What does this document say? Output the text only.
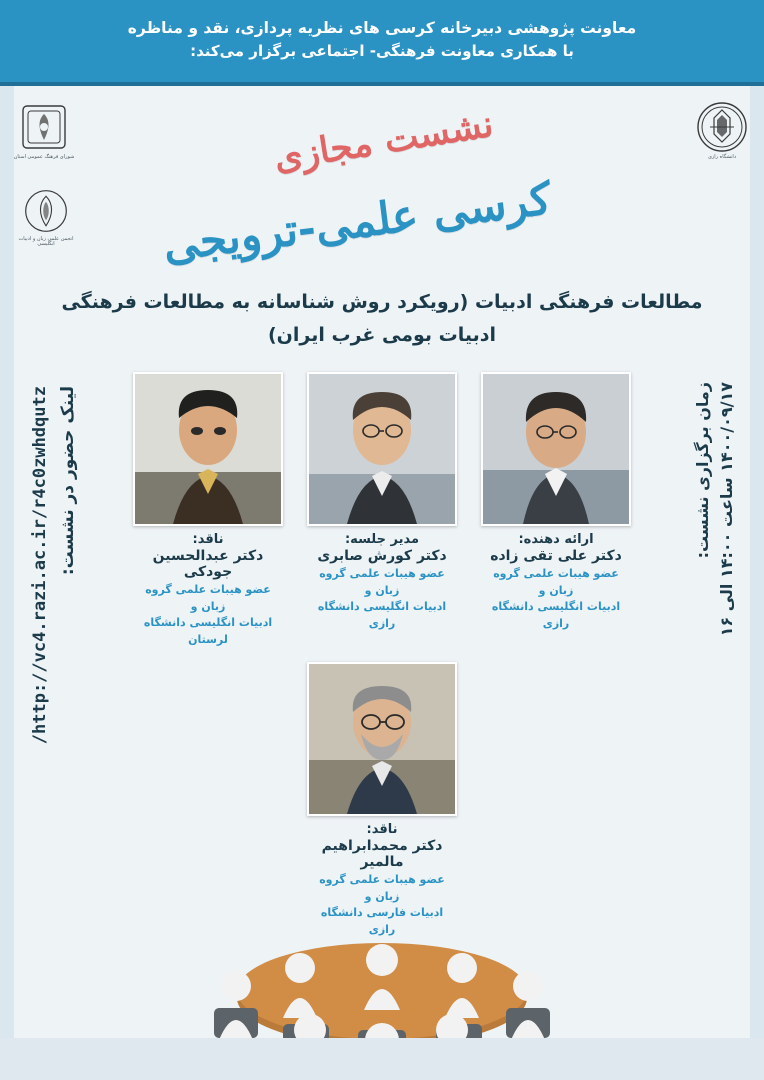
معاونت پژوهشی دبیرخانه کرسی های نظریه پردازی، نقد و مناظره
با همکاری معاونت فرهنگی- اجتماعی برگزار می‌کند:
دانشگاه رازی
شورای فرهنگ عمومی استان
انجمن علمی زبان و ادبیات انگلیسی
نشست مجازی
کرسی علمی-ترویجی
مطالعات فرهنگی ادبیات (رویکرد روش شناسانه به مطالعات فرهنگی
ادبیات بومی غرب ایران)
لینک حضور در نشست:
http://vc4.razi.ac.ir/r4c0zwhdqutz/	زمان برگزاری نشست:
۱۴۰۰/۰۹/۱۷ ساعت ۱۴:۰۰ الی ۱۶
ارائه دهنده:
دکتر علی تقی زاده
عضو هیبات علمی گروه زبان و
ادبیات انگلیسی دانشگاه رازی
مدیر جلسه:
دکتر کورش صابری
عضو هیبات علمی گروه زبان و
ادبیات انگلیسی دانشگاه رازی
ناقد:
دکتر عبدالحسین جودکی
عضو هیبات علمی گروه زبان و
ادبیات انگلیسی دانشگاه لرستان
ناقد:
دکتر محمدابراهیم مالمیر
عضو هیبات علمی گروه زبان و
ادبیات فارسی دانشگاه رازی
